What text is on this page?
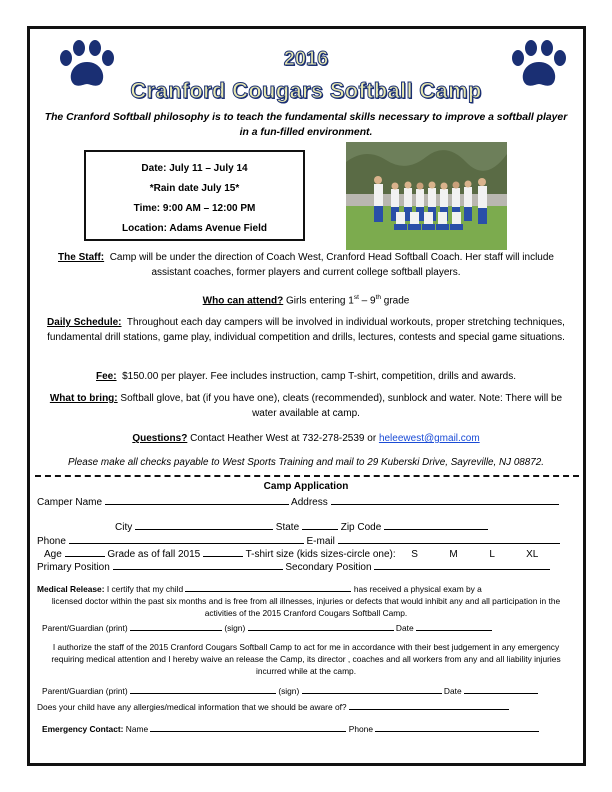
2016
Cranford Cougars Softball Camp
The Cranford Softball philosophy is to teach the fundamental skills necessary to improve a softball player in a fun-filled environment.
Date: July 11 – July 14
*Rain date July 15*
Time: 9:00 AM – 12:00 PM
Location: Adams Avenue Field
The Staff: Camp will be under the direction of Coach West, Cranford Head Softball Coach. Her staff will include assistant coaches, former players and current college softball players.
Who can attend? Girls entering 1st – 9th grade
Daily Schedule: Throughout each day campers will be involved in individual workouts, proper stretching techniques, fundamental drill stations, game play, individual competition and drills, lectures, contests and special game situations.
Fee: $150.00 per player. Fee includes instruction, camp T-shirt, competition, drills and awards.
What to bring: Softball glove, bat (if you have one), cleats (recommended), sunblock and water. Note: There will be water available at camp.
Questions? Contact Heather West at 732-278-2539 or heleewest@gmail.com
Please make all checks payable to West Sports Training and mail to 29 Kuberski Drive, Sayreville, NJ 08872.
Camp Application
Camper Name	Address
City	State	Zip Code
Phone	E-mail
Age	Grade as of fall 2015	T-shirt size (kids sizes-circle one): S	M	L	XL
Primary Position	Secondary Position
Medical Release: I certify that my child	has received a physical exam by a
licensed doctor within the past six months and is free from all illnesses, injuries or defects that would inhibit any and all participation in the activities of the 2015 Cranford Cougars Softball Camp.
Parent/Guardian (print)	(sign)	Date
I authorize the staff of the 2015 Cranford Cougars Softball Camp to act for me in accordance with their best judgement in any emergency requiring medical attention and I hereby waive an release the Camp, its director , coaches and all workers from any and all liability injuries incurred while at the camp.
Parent/Guardian (print)	(sign)	Date
Does your child have any allergies/medical information that we should be aware of?
Emergency Contact: Name	Phone
